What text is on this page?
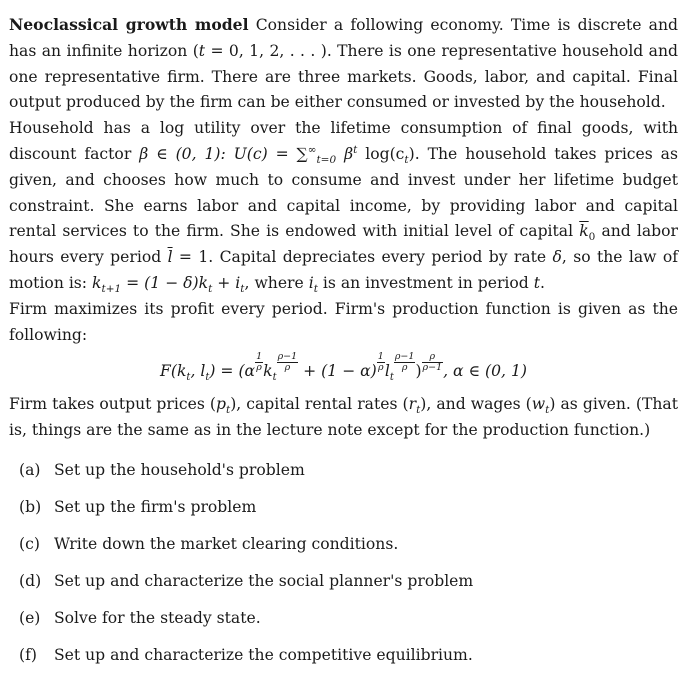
Neoclassical growth model Consider a following economy. Time is discrete and has an infinite horizon (t = 0, 1, 2, . . . ). There is one representative household and one representative firm. There are three markets. Goods, labor, and capital. Final output produced by the firm can be either consumed or invested by the household.

Household has a log utility over the lifetime consumption of final goods, with discount factor β ∈ (0, 1): $U(c) = \sum^\infty_{t=0}$ $\beta^t$ $\log(c_t)$. The household takes prices as given, and chooses how much to consume and invest under her lifetime budget constraint. She earns labor and capital income, by providing labor and capital rental services to the firm. She is endowed with initial level of capital $\overline{k}_0$ and labor hours every period $\overline{l} = 1$. Capital depreciates every period by rate δ, so the law of motion is: $k_{t+1} = (1 - \delta)k_t + i_t$, where $i_t$ is an investment in period t.

Firm maximizes its profit every period. Firm's production function is given as the following:

$F(k_t$, $l_t) = (\alpha \frac{1}{\rho} k_t$
$\frac{\rho-1}{\rho} + (1 - \alpha) \frac{1}{\rho} l_t$
$\frac{\rho-1}{\rho}$ ) $\frac{\rho}{\rho-1}$ , α ∈ (0, 1)

Firm takes output prices $(p_t)$, capital rental rates $(r_t)$, and wages $(w_t)$ as given. (That is, things are the same as in the lecture note except for the production function.)

(a) Set up the household's problem
(b) Set up the firm's problem
(c) Write down the market clearing conditions.
(d) Set up and characterize the social planner's problem
(e) Solve for the steady state.
(f) Set up and characterize the competitive equilibrium.
